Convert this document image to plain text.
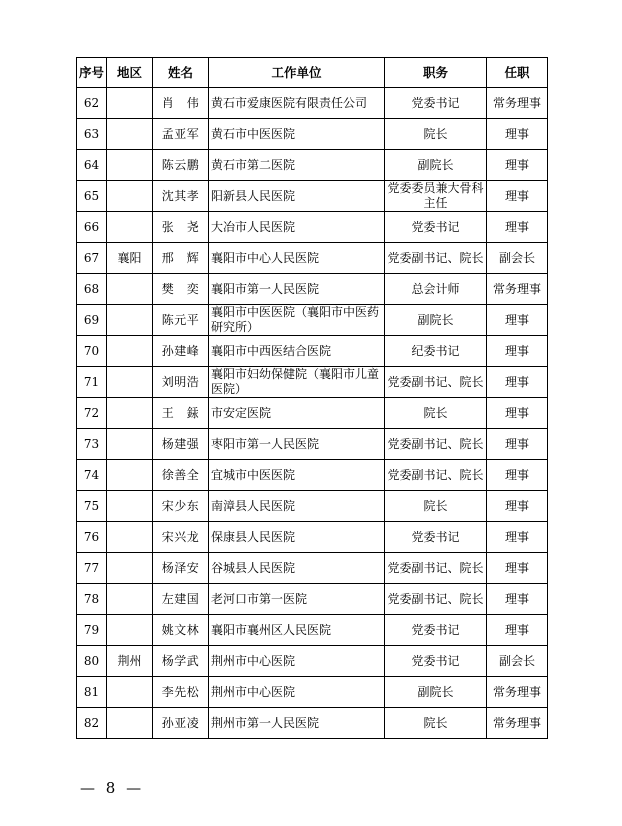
序号	地区	姓名	工作单位	职务	任职
62		肖　伟	黄石市爱康医院有限责任公司	党委书记	常务理事
63		孟亚军	黄石市中医医院	院长	理事
64		陈云鹏	黄石市第二医院	副院长	理事
65		沈其孝	阳新县人民医院	党委委员兼大骨科主任	理事
66		张　尧	大冶市人民医院	党委书记	理事
67	襄阳	邢　辉	襄阳市中心人民医院	党委副书记、院长	副会长
68		樊　奕	襄阳市第一人民医院	总会计师	常务理事
69		陈元平	襄阳市中医医院（襄阳市中医药研究所）	副院长	理事
70		孙建峰	襄阳市中西医结合医院	纪委书记	理事
71		刘明浩	襄阳市妇幼保健院（襄阳市儿童医院）	党委副书记、院长	理事
72		王　銾	市安定医院	院长	理事
73		杨建强	枣阳市第一人民医院	党委副书记、院长	理事
74		徐善全	宜城市中医医院	党委副书记、院长	理事
75		宋少东	南漳县人民医院	院长	理事
76		宋兴龙	保康县人民医院	党委书记	理事
77		杨泽安	谷城县人民医院	党委副书记、院长	理事
78		左建国	老河口市第一医院	党委副书记、院长	理事
79		姚文林	襄阳市襄州区人民医院	党委书记	理事
80	荆州	杨学武	荆州市中心医院	党委书记	副会长
81		李先松	荆州市中心医院	副院长	常务理事
82		孙亚凌	荆州市第一人民医院	院长	常务理事
— 8 —
